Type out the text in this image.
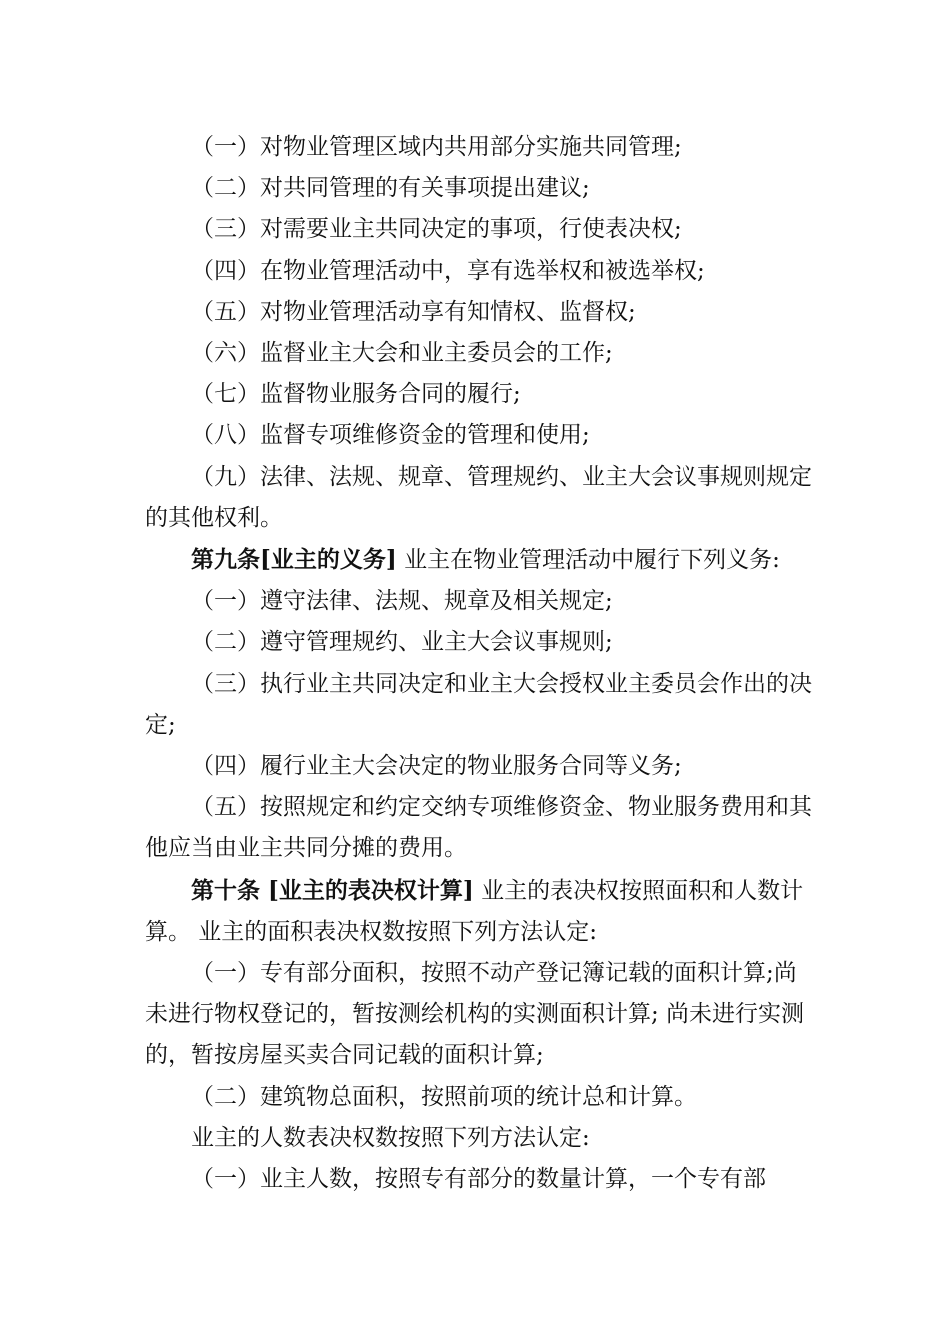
（一）对物业管理区域内共用部分实施共同管理;

（二）对共同管理的有关事项提出建议;

（三）对需要业主共同决定的事项，行使表决权;

（四）在物业管理活动中，享有选举权和被选举权;

（五）对物业管理活动享有知情权、监督权;

（六）监督业主大会和业主委员会的工作;

（七）监督物业服务合同的履行;

（八）监督专项维修资金的管理和使用;

（九）法律、法规、规章、管理规约、业主大会议事规则规定的其他权利。

第九条[业主的义务] 业主在物业管理活动中履行下列义务:

（一）遵守法律、法规、规章及相关规定;

（二）遵守管理规约、业主大会议事规则;

（三）执行业主共同决定和业主大会授权业主委员会作出的决定;

（四）履行业主大会决定的物业服务合同等义务;

（五）按照规定和约定交纳专项维修资金、物业服务费用和其他应当由业主共同分摊的费用。

第十条 [业主的表决权计算] 业主的表决权按照面积和人数计算。 业主的面积表决权数按照下列方法认定:

（一）专有部分面积，按照不动产登记簿记载的面积计算;尚未进行物权登记的，暂按测绘机构的实测面积计算; 尚未进行实测的，暂按房屋买卖合同记载的面积计算;

（二）建筑物总面积，按照前项的统计总和计算。

业主的人数表决权数按照下列方法认定:

（一）业主人数，按照专有部分的数量计算，一个专有部
